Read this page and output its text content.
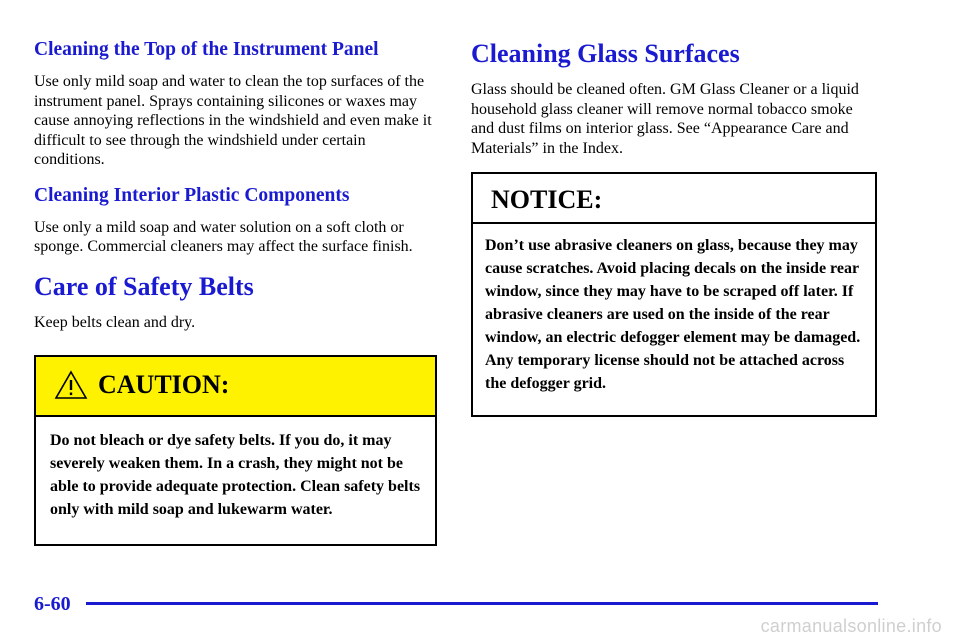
Cleaning the Top of the Instrument Panel

Use only mild soap and water to clean the top surfaces of the instrument panel. Sprays containing silicones or waxes may cause annoying reflections in the windshield and even make it difficult to see through the windshield under certain conditions.

Cleaning Interior Plastic Components

Use only a mild soap and water solution on a soft cloth or sponge. Commercial cleaners may affect the surface finish.

Care of Safety Belts

Keep belts clean and dry.

CAUTION:
Do not bleach or dye safety belts. If you do, it may severely weaken them. In a crash, they might not be able to provide adequate protection. Clean safety belts only with mild soap and lukewarm water.
Cleaning Glass Surfaces

Glass should be cleaned often. GM Glass Cleaner or a liquid household glass cleaner will remove normal tobacco smoke and dust films on interior glass. See “Appearance Care and Materials” in the Index.

NOTICE:
Don’t use abrasive cleaners on glass, because they may cause scratches. Avoid placing decals on the inside rear window, since they may have to be scraped off later. If abrasive cleaners are used on the inside of the rear window, an electric defogger element may be damaged. Any temporary license should not be attached across the defogger grid.
6-60
carmanualsonline.info
